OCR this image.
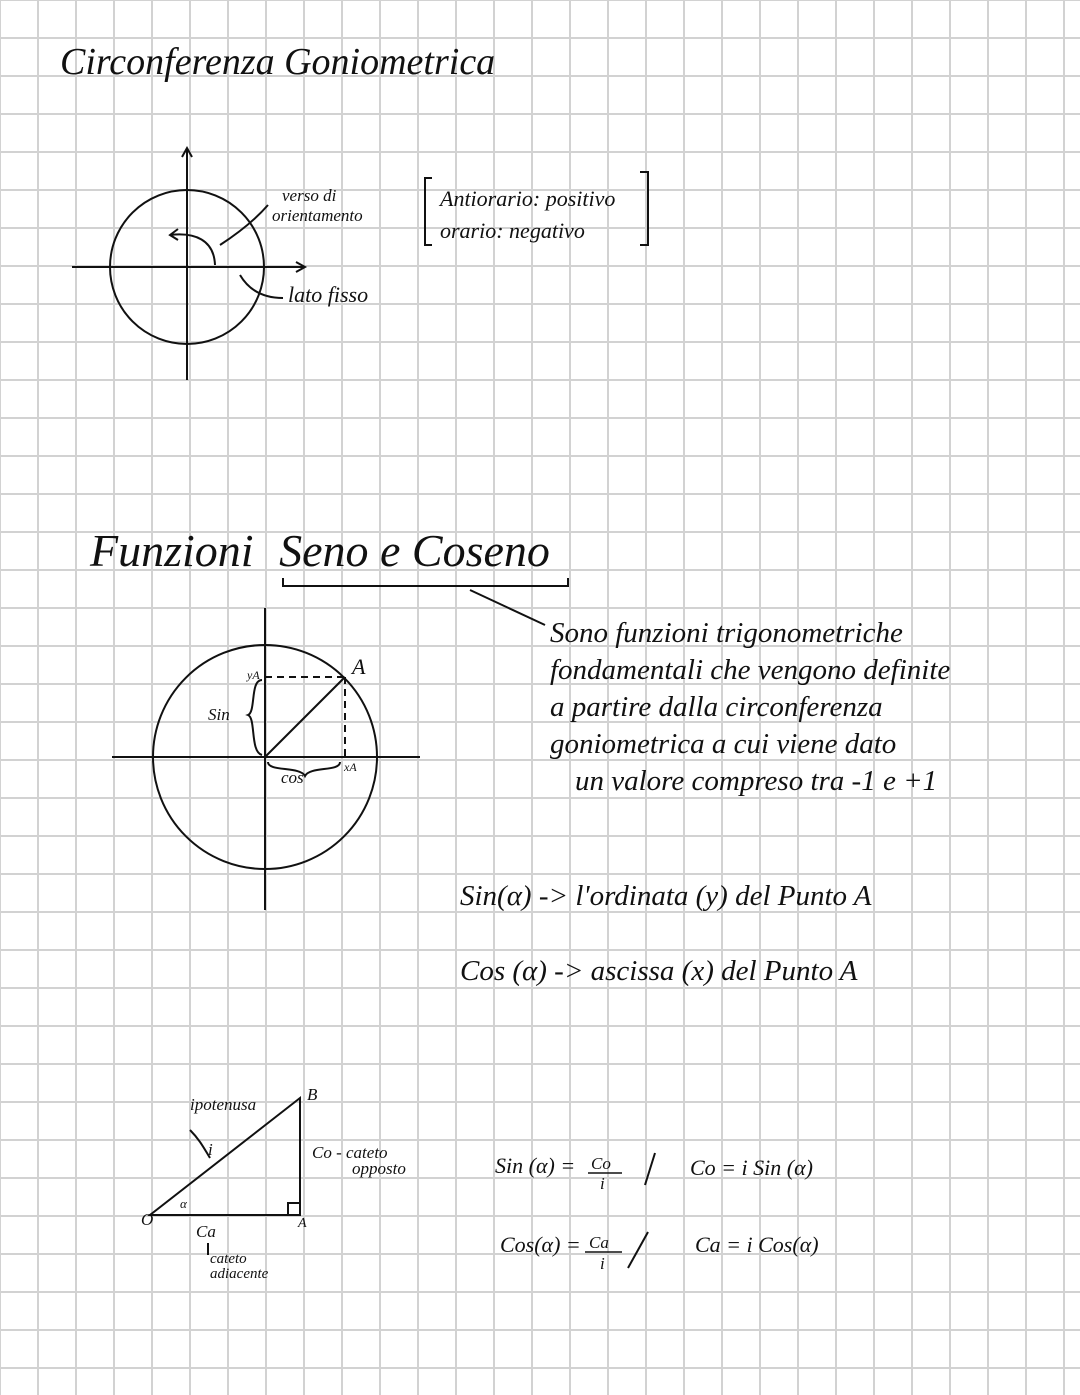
Circonferenza Goniometrica
verso di
orientamento
lato fisso
Antiorario: positivo
orario: negativo
Funzioni Seno e Coseno
A
yA
Sin
cos
xA
Sono funzioni trigonometriche
fondamentali che vengono definite
a partire dalla circonferenza
goniometrica a cui viene dato
un valore compreso tra -1 e +1
Sin(α) -> l'ordinata (y) del Punto A
Cos (α) -> ascissa (x) del Punto A
ipotenusa
i
α
O	A
B
Co - cateto
opposto
Ca
cateto
adiacente
Sin (α) = Co
i
Co = i Sin (α)
Cos(α) = Ca
i
Ca = i Cos(α)
